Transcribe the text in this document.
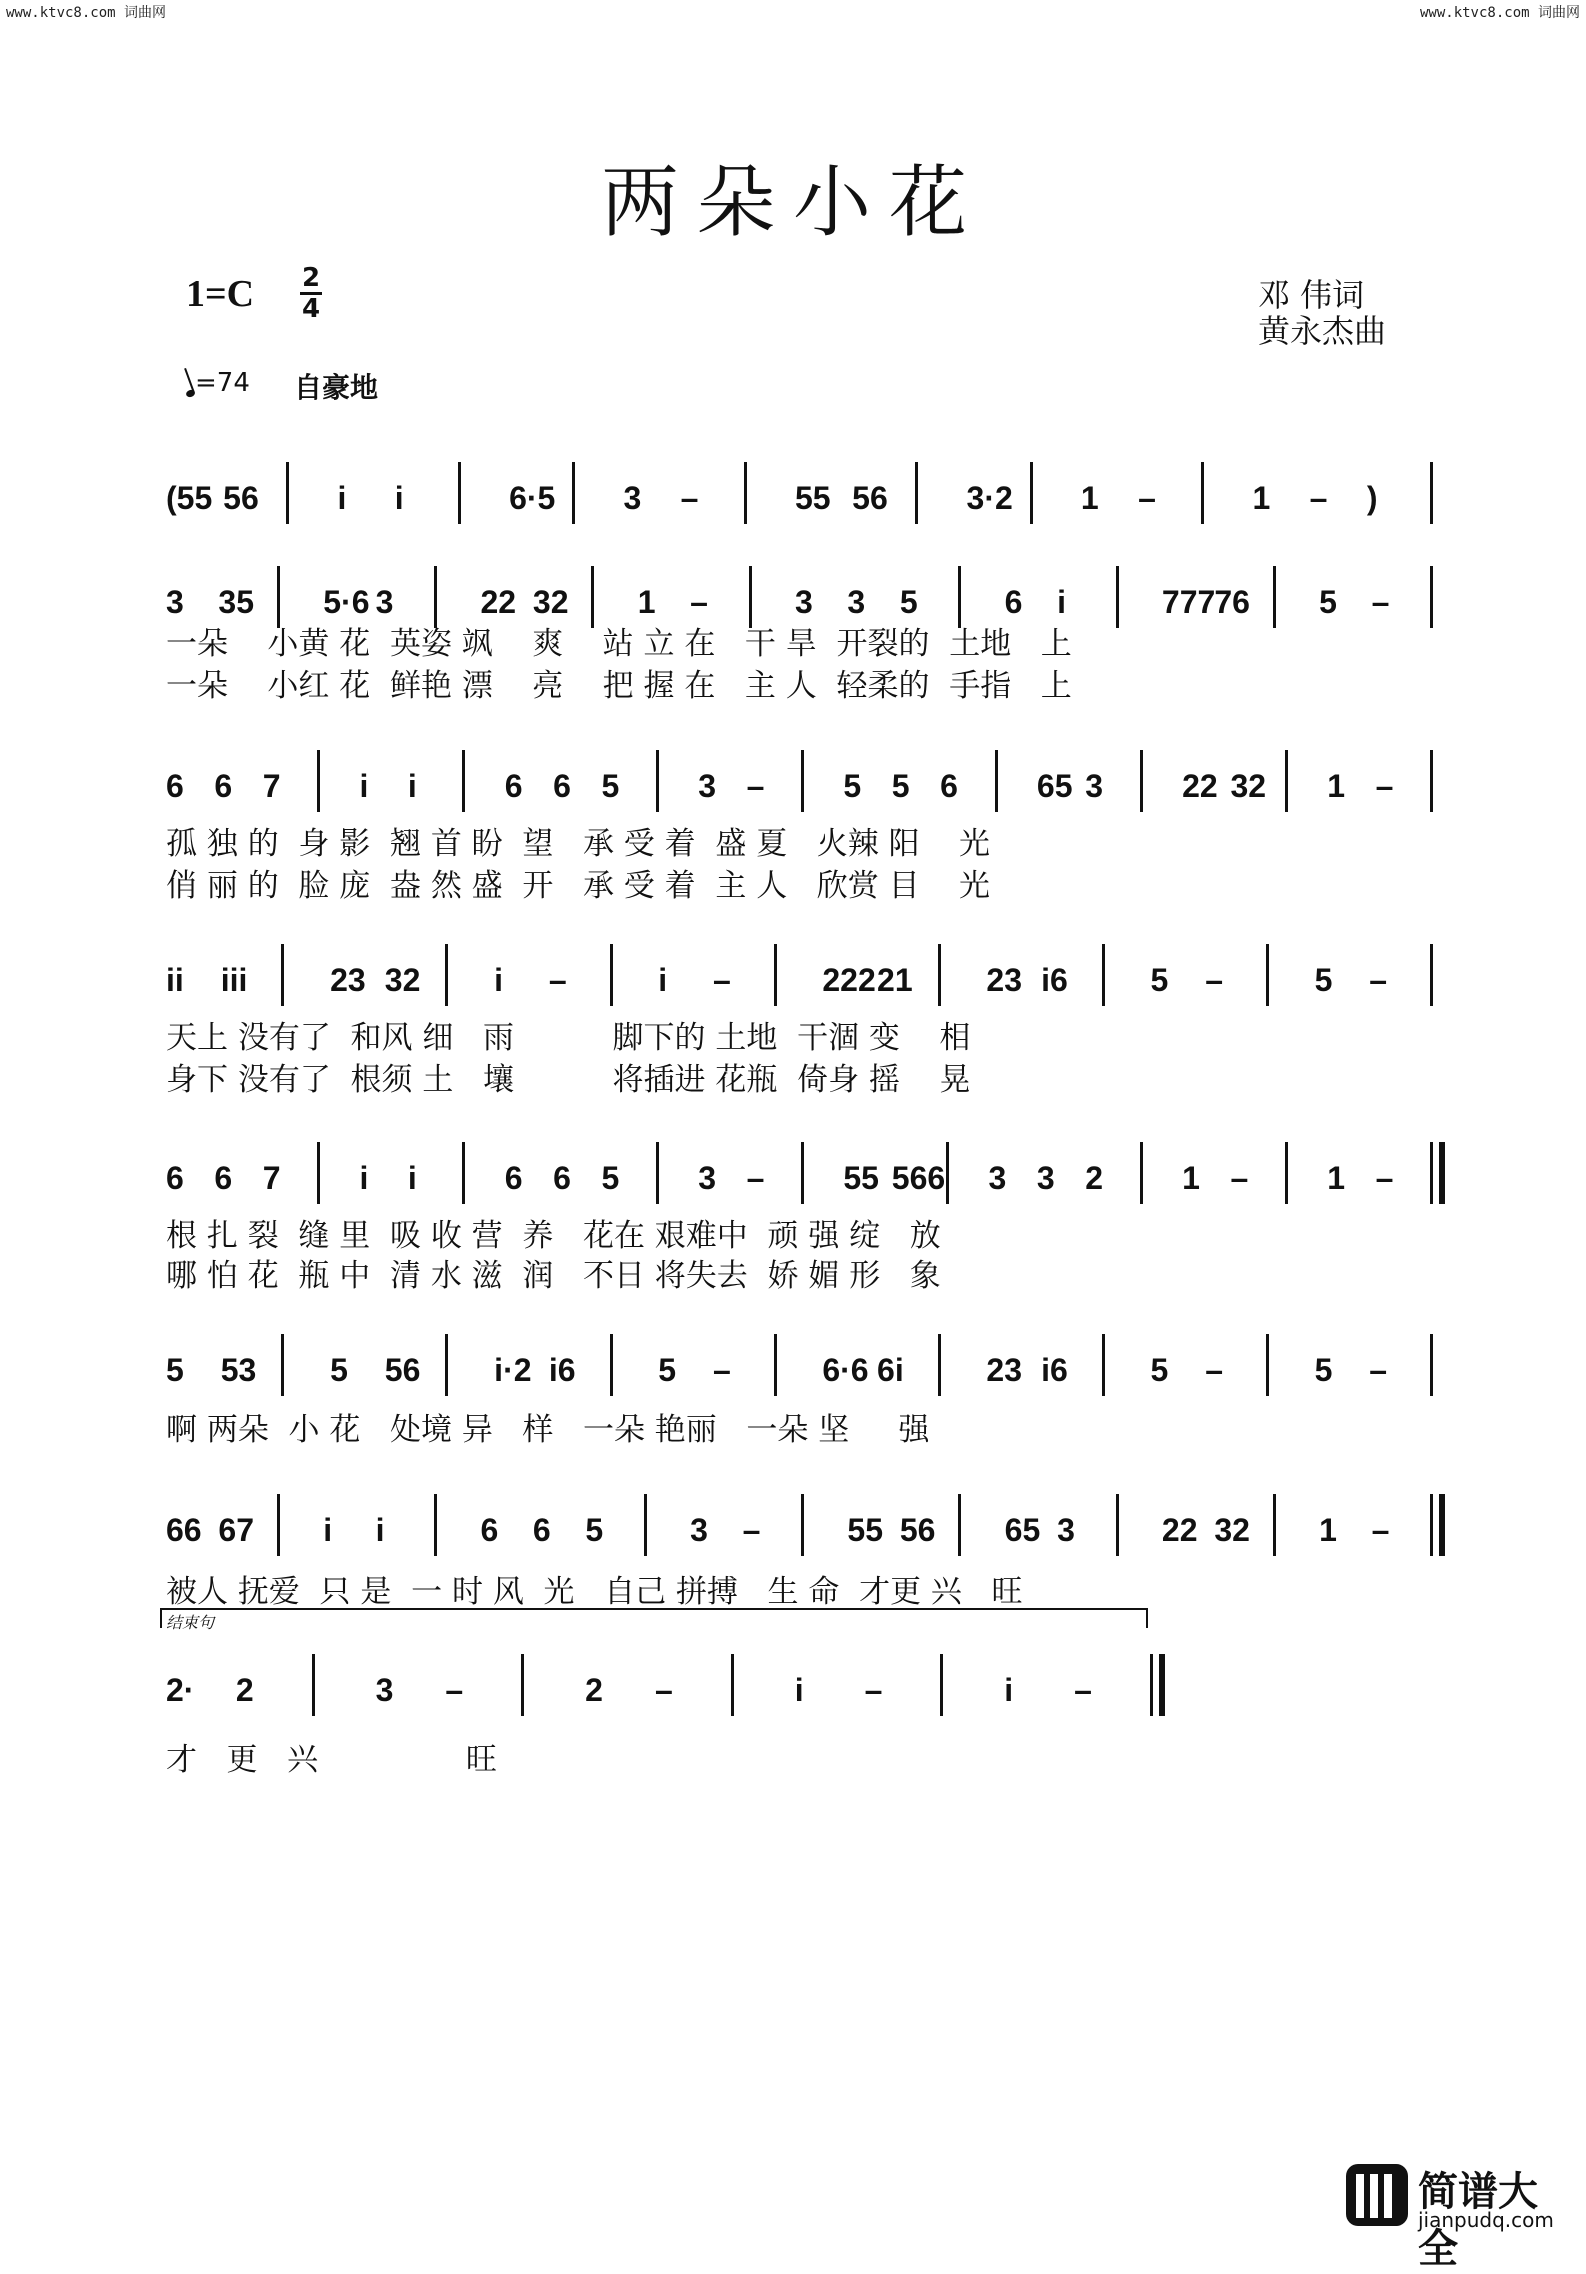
www.ktvc8.com 词曲网	www.ktvc8.com 词曲网
两朵小花
1=C 2
4	邓 伟词
黄永杰曲
=74 自豪地
(55 56 i i	6·5 3 –	55 56 3·2 1 –	1 – )
3 35 5·6 3	22 32 1 –	3 3 5	6 i	777 76 5 –
一朵    小黄 花  英姿 飒    爽    站 立 在   干 旱  开裂的  土地   上
一朵    小红 花  鲜艳 漂    亮    把 握 在   主 人  轻柔的  手指   上
6 6 7 i i	6 6 5 3 – 5 5 6 65 3 22 32 1 –
孤 独 的  身 影  翘 首 盼  望   承 受 着  盛 夏   火辣 阳    光
俏 丽 的  脸 庞  盎 然 盛  开   承 受 着  主 人   欣赏 目    光
ii iii	23 32 i –	i –	222 21 23 i6	5 –	5 –
天上 没有了  和风 细   雨          脚下的 土地  干涸 变    相
身下 没有了  根须 土   壤          将插进 花瓶  倚身 摇    晃
6 6 7 i i	6 6 5 3 – 55 566 3 3 2 1 – 1 –
根 扎 裂  缝 里  吸 收 营  养   花在 艰难中  顽 强 绽   放
哪 怕 花  瓶 中  清 水 滋  润   不日 将失去  娇 媚 形   象
5 53 5 56 i·2 i6	5 –	6·6 6i	23 i6	5 –	5 –
啊 两朵  小 花   处境 异   样   一朵 艳丽   一朵 坚     强
66 67 i i	6 6 5	3 –	55 56 65 3	22 32 1 –
被人 抚爱  只 是  一 时 风  光   自己 拼搏   生 命  才更 兴   旺
2· 2	3 –	2 –	i –	i –
才   更   兴               旺
结束句
简谱大全
jianpudq.com
